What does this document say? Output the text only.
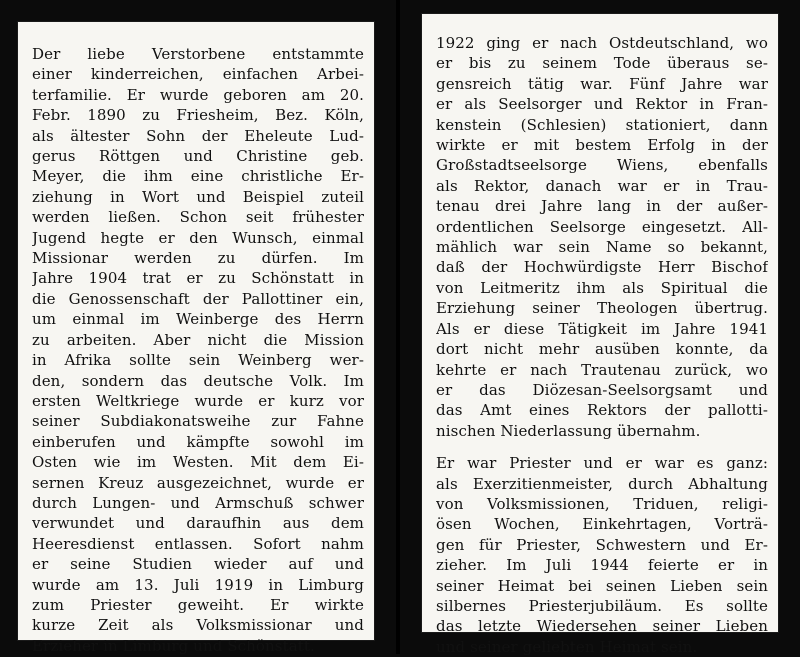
Der liebe Verstorbene entstammte
einer kinderreichen, einfachen Arbei-
terfamilie. Er wurde geboren am 20.
Febr. 1890 zu Friesheim, Bez. Köln,
als ältester Sohn der Eheleute Lud-
gerus Röttgen und Christine geb.
Meyer, die ihm eine christliche Er-
ziehung in Wort und Beispiel zuteil
werden ließen. Schon seit frühester
Jugend hegte er den Wunsch, einmal
Missionar werden zu dürfen. Im
Jahre 1904 trat er zu Schönstatt in
die Genossenschaft der Pallottiner ein,
um einmal im Weinberge des Herrn
zu arbeiten. Aber nicht die Mission
in Afrika sollte sein Weinberg wer-
den, sondern das deutsche Volk. Im
ersten Weltkriege wurde er kurz vor
seiner Subdiakonatsweihe zur Fahne
einberufen und kämpfte sowohl im
Osten wie im Westen. Mit dem Ei-
sernen Kreuz ausgezeichnet, wurde er
durch Lungen- und Armschuß schwer
verwundet und daraufhin aus dem
Heeresdienst entlassen. Sofort nahm
er seine Studien wieder auf und
wurde am 13. Juli 1919 in Limburg
zum Priester geweiht. Er wirkte
kurze Zeit als Volksmissionar und
Erzieher in Limburg und Schönstatt.

1922 ging er nach Ostdeutschland, wo
er bis zu seinem Tode überaus se-
gensreich tätig war. Fünf Jahre war
er als Seelsorger und Rektor in Fran-
kenstein (Schlesien) stationiert, dann
wirkte er mit bestem Erfolg in der
Großstadtseelsorge Wiens, ebenfalls
als Rektor, danach war er in Trau-
tenau drei Jahre lang in der außer-
ordentlichen Seelsorge eingesetzt. All-
mählich war sein Name so bekannt,
daß der Hochwürdigste Herr Bischof
von Leitmeritz ihm als Spiritual die
Erziehung seiner Theologen übertrug.
Als er diese Tätigkeit im Jahre 1941
dort nicht mehr ausüben konnte, da
kehrte er nach Trautenau zurück, wo
er das Diözesan-Seelsorgsamt und
das Amt eines Rektors der pallotti-
nischen Niederlassung übernahm.

Er war Priester und er war es ganz:
als Exerzitienmeister, durch Abhaltung
von Volksmissionen, Triduen, religi-
ösen Wochen, Einkehrtagen, Vorträ-
gen für Priester, Schwestern und Er-
zieher. Im Juli 1944 feierte er in
seiner Heimat bei seinen Lieben sein
silbernes Priesterjubiläum. Es sollte
das letzte Wiedersehen seiner Lieben
und seiner geliebten Heimat sein.
